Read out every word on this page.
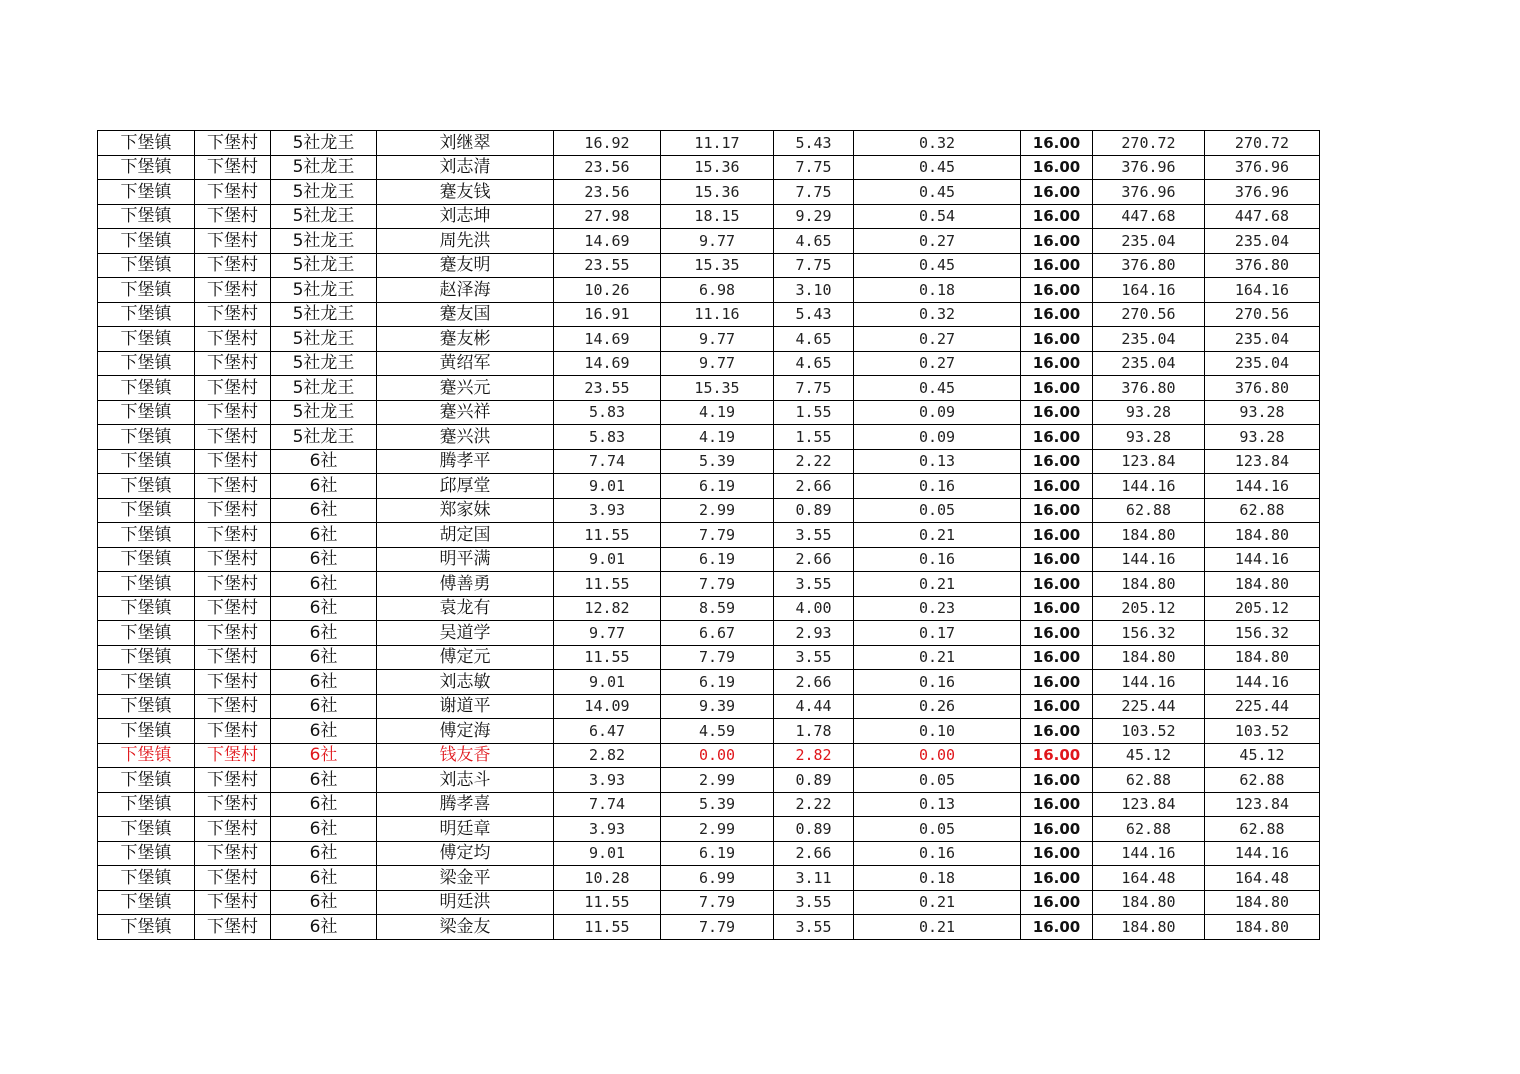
下堡镇	下堡村	5社龙王	刘继翠	16.92	11.17	5.43	0.32	16.00	270.72	270.72
下堡镇	下堡村	5社龙王	刘志清	23.56	15.36	7.75	0.45	16.00	376.96	376.96
下堡镇	下堡村	5社龙王	蹇友钱	23.56	15.36	7.75	0.45	16.00	376.96	376.96
下堡镇	下堡村	5社龙王	刘志坤	27.98	18.15	9.29	0.54	16.00	447.68	447.68
下堡镇	下堡村	5社龙王	周先洪	14.69	9.77	4.65	0.27	16.00	235.04	235.04
下堡镇	下堡村	5社龙王	蹇友明	23.55	15.35	7.75	0.45	16.00	376.80	376.80
下堡镇	下堡村	5社龙王	赵泽海	10.26	6.98	3.10	0.18	16.00	164.16	164.16
下堡镇	下堡村	5社龙王	蹇友国	16.91	11.16	5.43	0.32	16.00	270.56	270.56
下堡镇	下堡村	5社龙王	蹇友彬	14.69	9.77	4.65	0.27	16.00	235.04	235.04
下堡镇	下堡村	5社龙王	黄绍军	14.69	9.77	4.65	0.27	16.00	235.04	235.04
下堡镇	下堡村	5社龙王	蹇兴元	23.55	15.35	7.75	0.45	16.00	376.80	376.80
下堡镇	下堡村	5社龙王	蹇兴祥	5.83	4.19	1.55	0.09	16.00	93.28	93.28
下堡镇	下堡村	5社龙王	蹇兴洪	5.83	4.19	1.55	0.09	16.00	93.28	93.28
下堡镇	下堡村	6社	腾孝平	7.74	5.39	2.22	0.13	16.00	123.84	123.84
下堡镇	下堡村	6社	邱厚堂	9.01	6.19	2.66	0.16	16.00	144.16	144.16
下堡镇	下堡村	6社	郑家妹	3.93	2.99	0.89	0.05	16.00	62.88	62.88
下堡镇	下堡村	6社	胡定国	11.55	7.79	3.55	0.21	16.00	184.80	184.80
下堡镇	下堡村	6社	明平满	9.01	6.19	2.66	0.16	16.00	144.16	144.16
下堡镇	下堡村	6社	傅善勇	11.55	7.79	3.55	0.21	16.00	184.80	184.80
下堡镇	下堡村	6社	袁龙有	12.82	8.59	4.00	0.23	16.00	205.12	205.12
下堡镇	下堡村	6社	吴道学	9.77	6.67	2.93	0.17	16.00	156.32	156.32
下堡镇	下堡村	6社	傅定元	11.55	7.79	3.55	0.21	16.00	184.80	184.80
下堡镇	下堡村	6社	刘志敏	9.01	6.19	2.66	0.16	16.00	144.16	144.16
下堡镇	下堡村	6社	谢道平	14.09	9.39	4.44	0.26	16.00	225.44	225.44
下堡镇	下堡村	6社	傅定海	6.47	4.59	1.78	0.10	16.00	103.52	103.52
下堡镇	下堡村	6社	钱友香	2.82	0.00	2.82	0.00	16.00	45.12	45.12
下堡镇	下堡村	6社	刘志斗	3.93	2.99	0.89	0.05	16.00	62.88	62.88
下堡镇	下堡村	6社	腾孝喜	7.74	5.39	2.22	0.13	16.00	123.84	123.84
下堡镇	下堡村	6社	明廷章	3.93	2.99	0.89	0.05	16.00	62.88	62.88
下堡镇	下堡村	6社	傅定均	9.01	6.19	2.66	0.16	16.00	144.16	144.16
下堡镇	下堡村	6社	梁金平	10.28	6.99	3.11	0.18	16.00	164.48	164.48
下堡镇	下堡村	6社	明廷洪	11.55	7.79	3.55	0.21	16.00	184.80	184.80
下堡镇	下堡村	6社	梁金友	11.55	7.79	3.55	0.21	16.00	184.80	184.80
